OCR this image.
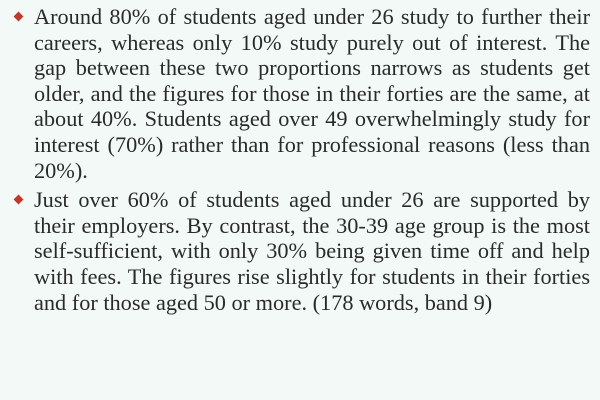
Around 80% of students aged under 26 study to further their careers, whereas only 10% study purely out of interest. The gap between these two proportions narrows as students get older, and the figures for those in their forties are the same, at about 40%. Students aged over 49 overwhelmingly study for interest (70%) rather than for professional reasons (less than 20%).
Just over 60% of students aged under 26 are supported by their employers. By contrast, the 30-39 age group is the most self-sufficient, with only 30% being given time off and help with fees. The figures rise slightly for students in their forties and for those aged 50 or more. (178 words, band 9)
